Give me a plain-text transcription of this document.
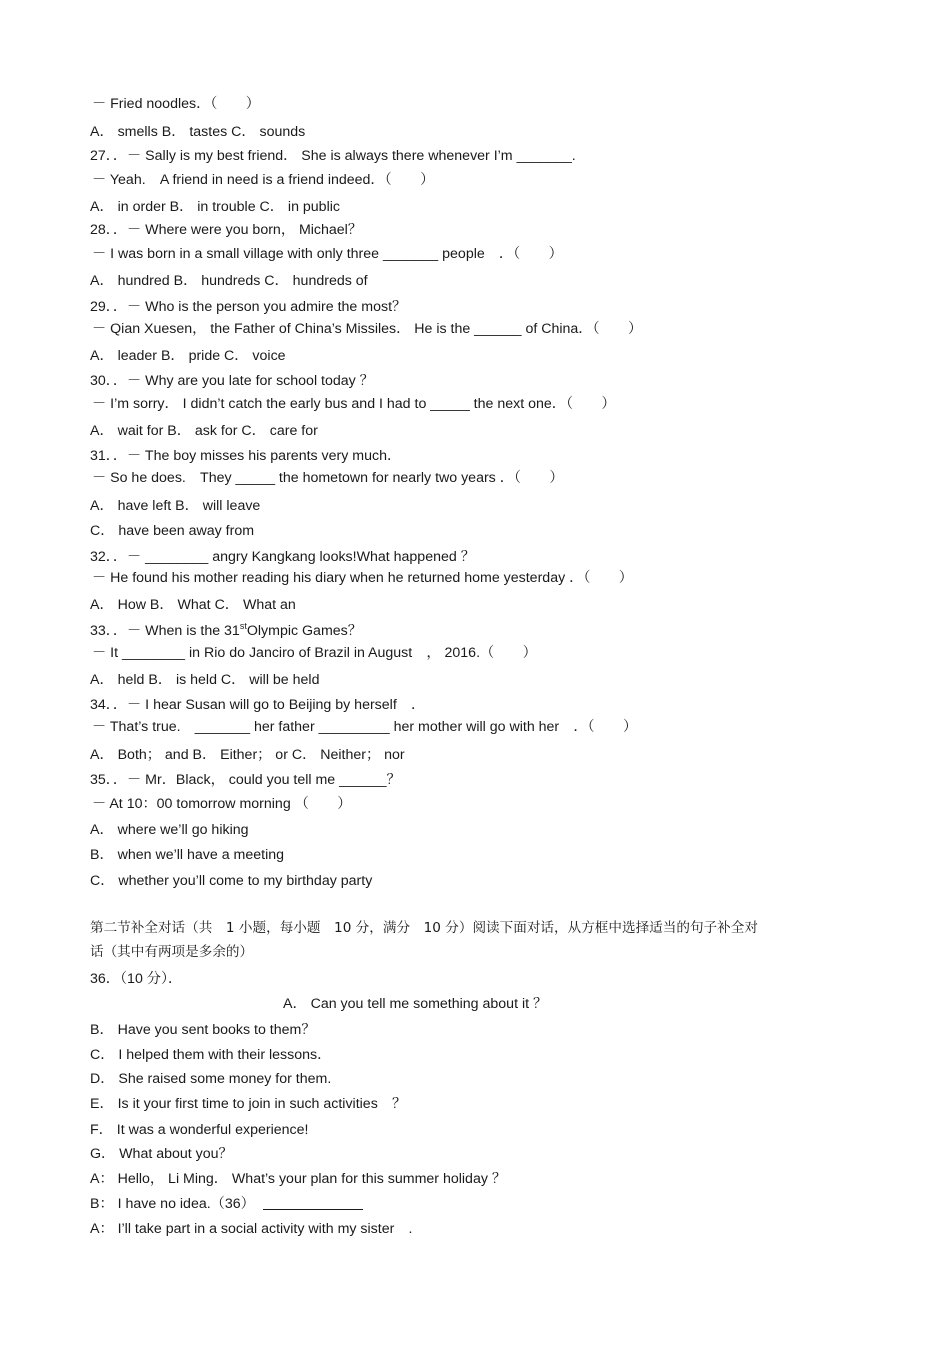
－ Fried noodles．（　　）
A． smells B． tastes C． sounds
27．．－ Sally is my best friend． She is always there whenever I’m _______.
－ Yeah.　A friend in need is a friend indeed．（　　）
A． in order B． in trouble C． in public
28．．－ Where were you born， Michael？
－ I was born in a small village with only three _______ people　．（　　）
A． hundred B． hundreds C． hundreds of
29．．－ Who is the person you admire the most？
－ Qian Xuesen， the Father of China’s Missiles． He is the ______ of China．（　　）
A． leader B． pride C． voice
30．．－ Why are you late for school today ？
－ I’m sorry． I didn’t catch the early bus and I had to _____ the next one．（　　）
A． wait for B． ask for C． care for
31．．－ The boy misses his parents very much．
－ So he does.　They _____ the hometown for nearly two years ．（　　）
A． have left B． will leave
C． have been away from
32．．－ ________ angry Kangkang looks!What happened ？
－ He found his mother reading his diary when he returned home yesterday ．（　　）
A． How B． What C． What an
33．．－ When is the 31stOlympic Games？
－ It ________ in Rio do Janciro of Brazil in August　， 2016.（　　）
A． held B． is held C． will be held
34．．－ I hear Susan will go to Beijing by herself　．
－ That’s true.　_______ her father _________ her mother will go with her　．（　　）
A． Both； and B． Either； or C． Neither； nor
35．．－ Mr．Black， could you tell me ______？
－ At 10：00 tomorrow morning （　　）
A． where we’ll go hiking
B． when we’ll have a meeting
C． whether you’ll come to my birthday party
第二节补全对话（共　1 小题，每小题　10 分，满分　10 分）阅读下面对话，从方框中选择适当的句子补全对
话（其中有两项是多余的）
36．（10 分）．
A． Can you tell me something about it ？
B． Have you sent books to them？
C． I helped them with their lessons．
D． She raised some money for them.
E． Is it your first time to join in such activities　？
F． It was a wonderful experience!
G． What about you？
A： Hello， Li Ming． What’s your plan for this summer holiday ？
B： I have no idea.（36）
A： I’ll take part in a social activity with my sister　.
